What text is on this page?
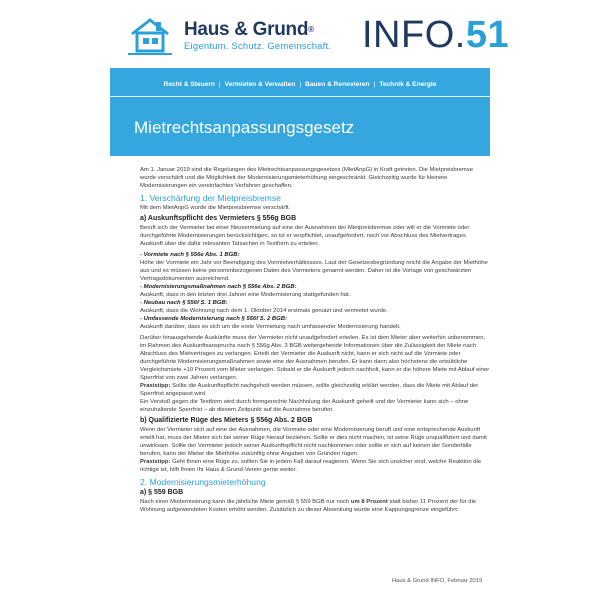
Haus & Grund®
Eigentum. Schutz. Gemeinschaft. INFO.51
Recht & Steuern | Vermieten & Verwalten | Bauen & Renovieren | Technik & Energie
Mietrechtsanpassungsgesetz

Am 1. Januar 2019 sind die Regelungen des Mietrechtsanpassungsgesetzes (MietAnpG) in Kraft getreten. Die Mietpreisbremse wurde verschärft und die Möglichkeit der Modernisierungsmieterhöhung eingeschränkt. Gleichzeitig wurde für kleinere Modernisierungen ein vereinfachtes Verfahren geschaffen.

1. Verschärfung der Mietpreisbremse

Mit dem MietAnpG wurde die Mietpreisbremse verschärft.

a) Auskunftspflicht des Vermieters § 556g BGB

Beruft sich der Vermieter bei einer Neuvermietung auf eine der Ausnahmen der Mietpreisbremse oder will er die Vormiete oder durchgeführte Modernisierungen berücksichtigen, so ist er verpflichtet, unaufgefordert, noch vor Abschluss des Mietvertrages Auskunft über die dafür relevanten Tatsachen in Textform zu erteilen.

- Vormiete nach § 556e Abs. 1 BGB:
Höhe der Vormiete ein Jahr vor Beendigung des Vormietverhältnisses. Laut der Gesetzesbegründung reicht die Angabe der Miethöhe aus und es müssen keine personenbezogenen Daten des Vormieters genannt werden. Daher ist die Vorlage von geschwärzten Vertragsdokumenten ausreichend.
- Modernisierungsmaßnahmen nach § 556e Abs. 2 BGB:
Auskunft, dass in den letzten drei Jahren eine Modernisierung stattgefunden hat.
- Neubau nach § 556f S. 1 BGB:
Auskunft, dass die Wohnung nach dem 1. Oktober 2014 erstmals genutzt und vermietet wurde.
- Umfassende Modernisierung nach § 556f S. 2 BGB:
Auskunft darüber, dass es sich um die erste Vermietung nach umfassender Modernisierung handelt.

Darüber hinausgehende Auskünfte muss der Vermieter nicht unaufgefordert erteilen. Es ist dem Mieter aber weiterhin unbenommen, im Rahmen des Auskunftsanspruchs nach § 556g Abs. 3 BGB weitergehende Informationen über die Zulässigkeit der Miete nach Abschluss des Mietvertrages zu verlangen. Erteilt der Vermieter die Auskunft nicht, kann er sich nicht auf die Vormiete oder durchgeführte Modernisierungsmaßnahmen sowie eine der Ausnahmen berufen. Er kann dann also höchstens die ortsübliche Vergleichsmiete +10 Prozent vom Mieter verlangen. Sobald er die Auskunft jedoch nachholt, kann er die höhere Miete mit Ablauf einer Sperrfrist von zwei Jahren verlangen.

Praxistipp: Sollte die Auskunftspflicht nachgeholt werden müssen, sollte gleichzeitig erklärt werden, dass die Miete mit Ablauf der Sperrfrist angepasst wird.

Ein Verstoß gegen die Textform wird durch formgerechte Nachholung der Auskunft geheilt und der Vermieter kann sich – ohne einzuhaltende Sperrfrist – ab diesem Zeitpunkt auf die Ausnahme berufen.

b) Qualifizierte Rüge des Mieters § 556g Abs. 2 BGB

Wenn der Vermieter sich auf eine der Ausnahmen, die Vormiete oder eine Modernisierung beruft und eine entsprechende Auskunft erteilt hat, muss der Mieter sich bei seiner Rüge hierauf beziehen. Sollte er dies nicht machen, ist seine Rüge unqualifiziert und damit unwirksam. Sollte der Vermieter jedoch seiner Auskunftspflicht nicht nachkommen oder sollte er sich auf keinen der Sonderfälle berufen, kann der Mieter die Miethöhe zukünftig ohne Angaben von Gründen rügen.

Praxistipp: Geht Ihnen eine Rüge zu, sollten Sie in jedem Fall darauf reagieren. Wenn Sie sich unsicher sind, welche Reaktion die richtige ist, hilft Ihnen Ihr Haus & Grund-Verein gerne weiter.

2. Modernisierungsmieterhöhung
a) § 559 BGB

Nach einer Modernisierung kann die jährliche Miete gemäß § 559 BGB nur noch um 8 Prozent statt bisher 11 Prozent der für die Wohnung aufgewendeten Kosten erhöht werden. Zusätzlich zu dieser Absenkung wurde eine Kappungsgrenze eingeführt:

Haus & Grund INFO, Februar 2019
